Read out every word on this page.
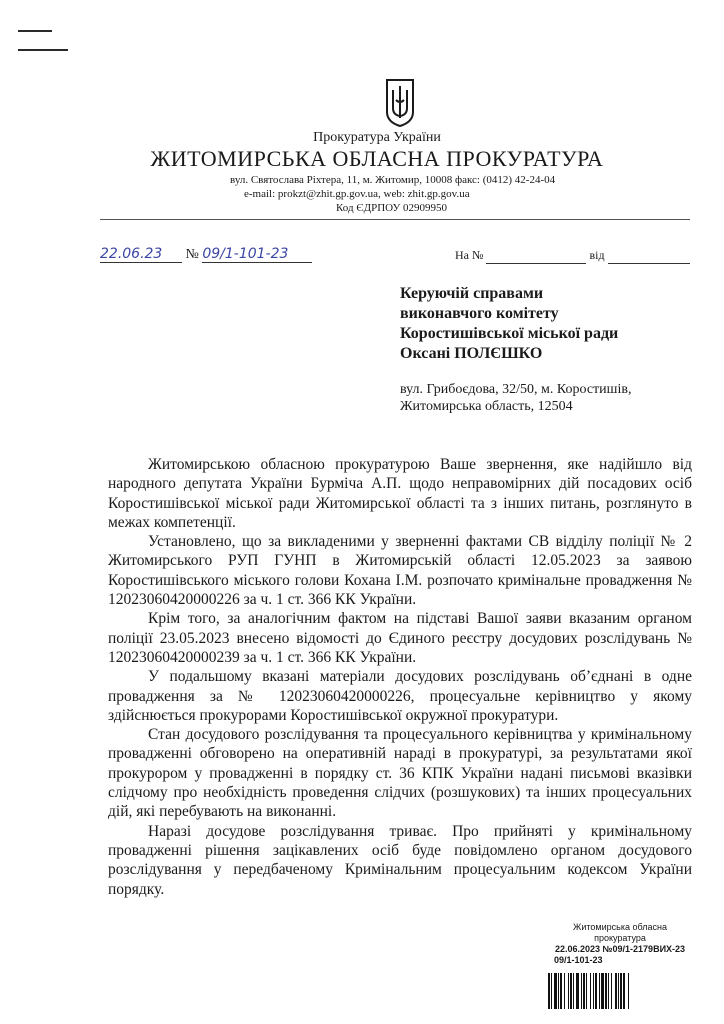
Прокуратура України
ЖИТОМИРСЬКА ОБЛАСНА ПРОКУРАТУРА
вул. Святослава Ріхтера, 11, м. Житомир, 10008 факс: (0412) 42-24-04
e-mail: prokzt@zhit.gp.gov.ua, web: zhit.gp.gov.ua
Код ЄДРПОУ 02909950
22.06.23 № 09/1-101-23	На №	від
Керуючій справами
виконавчого комітету
Коростишівської міської ради
Оксані ПОЛЄШКО
вул. Грибоєдова, 32/50, м. Коростишів,
Житомирська область, 12504

Житомирською обласною прокуратурою Ваше звернення, яке надійшло від народного депутата України Бурміча А.П. щодо неправомірних дій посадових осіб Коростишівської міської ради Житомирської області та з інших питань, розглянуто в межах компетенції.

Установлено, що за викладеними у зверненні фактами СВ відділу поліції № 2 Житомирського РУП ГУНП в Житомирській області 12.05.2023 за заявою Коростишівського міського голови Кохана І.М. розпочато кримінальне провадження № 12023060420000226 за ч. 1 ст. 366 КК України.

Крім того, за аналогічним фактом на підставі Вашої заяви вказаним органом поліції 23.05.2023 внесено відомості до Єдиного реєстру досудових розслідувань № 12023060420000239 за ч. 1 ст. 366 КК України.

У подальшому вказані матеріали досудових розслідувань об’єднані в одне провадження за № 12023060420000226, процесуальне керівництво у якому здійснюється прокурорами Коростишівської окружної прокуратури.

Стан досудового розслідування та процесуального керівництва у кримінальному провадженні обговорено на оперативній нараді в прокуратурі, за результатами якої прокурором у провадженні в порядку ст. 36 КПК України надані письмові вказівки слідчому про необхідність проведення слідчих (розшукових) та інших процесуальних дій, які перебувають на виконанні.

Наразі досудове розслідування триває. Про прийняті у кримінальному провадженні рішення зацікавлених осіб буде повідомлено органом досудового розслідування у передбаченому Кримінальним процесуальним кодексом України порядку.

Житомирська обласна
прокуратура
22.06.2023 №09/1-2179ВИХ-23
09/1-101-23
